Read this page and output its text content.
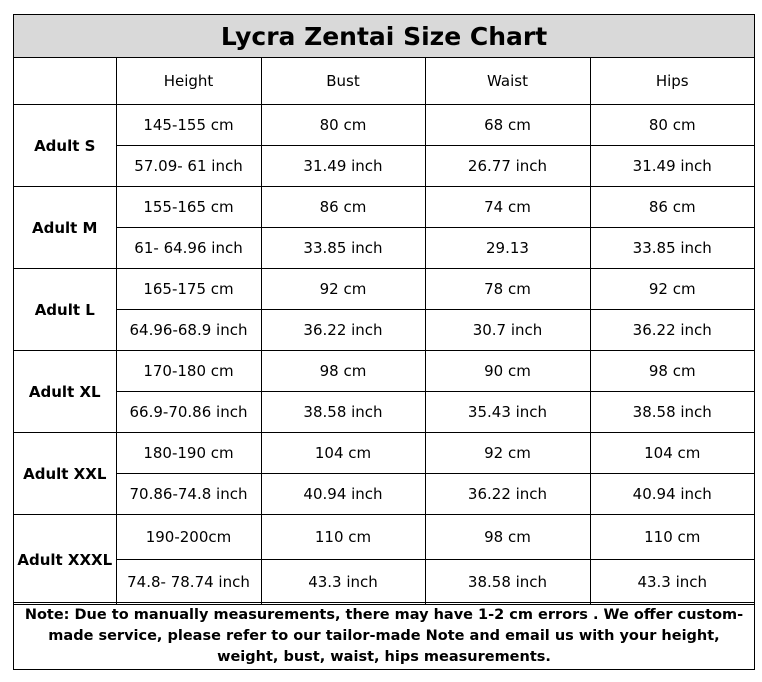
Lycra Zentai Size Chart
	Height	Bust	Waist	Hips
Adult S	145-155 cm	80 cm	68 cm	80 cm
	57.09- 61 inch	31.49 inch	26.77 inch	31.49 inch
Adult M	155-165 cm	86 cm	74 cm	86 cm
	61- 64.96 inch	33.85 inch	29.13	33.85 inch
Adult L	165-175 cm	92 cm	78 cm	92 cm
	64.96-68.9 inch	36.22 inch	30.7 inch	36.22 inch
Adult XL	170-180 cm	98 cm	90 cm	98 cm
	66.9-70.86 inch	38.58 inch	35.43 inch	38.58 inch
Adult XXL	180-190 cm	104 cm	92 cm	104 cm
	70.86-74.8 inch	40.94 inch	36.22 inch	40.94 inch
Adult XXXL	190-200cm	110 cm	98 cm	110 cm
	74.8- 78.74 inch	43.3 inch	38.58 inch	43.3 inch
Note: Due to manually measurements, there may have 1-2 cm errors . We offer custom-made service, please refer to our tailor-made Note and email us with your height, weight, bust, waist, hips measurements.
